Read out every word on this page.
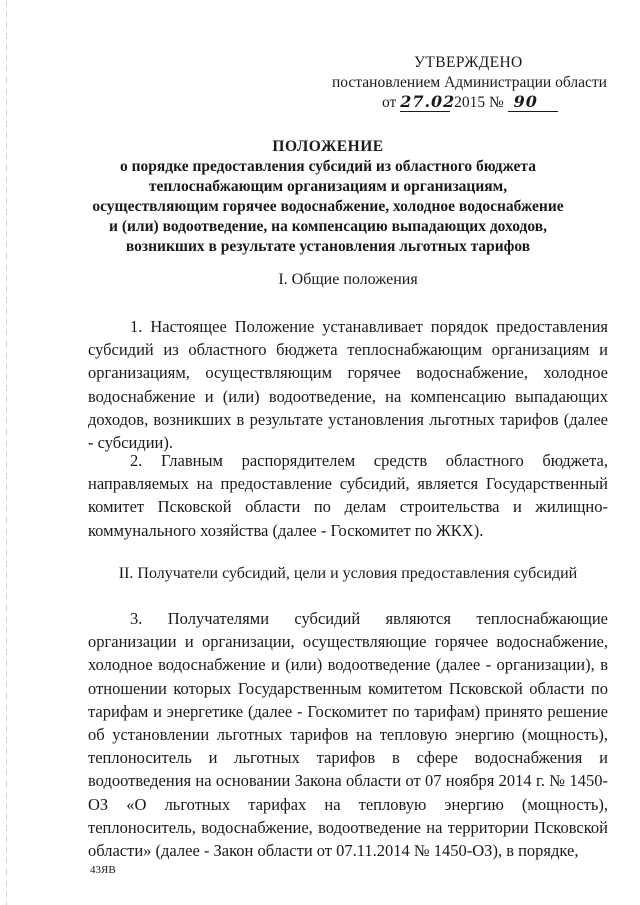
УТВЕРЖДЕНО
постановлением Администрации области
от 27.02 2015 № 90
ПОЛОЖЕНИЕ
о порядке предоставления субсидий из областного бюджета теплоснабжающим организациям и организациям, осуществляющим горячее водоснабжение, холодное водоснабжение и (или) водоотведение, на компенсацию выпадающих доходов, возникших в результате установления льготных тарифов
I. Общие положения
1. Настоящее Положение устанавливает порядок предоставления субсидий из областного бюджета теплоснабжающим организациям и организациям, осуществляющим горячее водоснабжение, холодное водоснабжение и (или) водоотведение, на компенсацию выпадающих доходов, возникших в результате установления льготных тарифов (далее - субсидии).
2. Главным распорядителем средств областного бюджета, направляемых на предоставление субсидий, является Государственный комитет Псковской области по делам строительства и жилищно-коммунального хозяйства (далее - Госкомитет по ЖКХ).
II. Получатели субсидий, цели и условия предоставления субсидий
3. Получателями субсидий являются теплоснабжающие организации и организации, осуществляющие горячее водоснабжение, холодное водоснабжение и (или) водоотведение (далее - организации), в отношении которых Государственным комитетом Псковской области по тарифам и энергетике (далее - Госкомитет по тарифам) принято решение об установлении льготных тарифов на тепловую энергию (мощность), теплоноситель и льготных тарифов в сфере водоснабжения и водоотведения на основании Закона области от 07 ноября 2014 г. № 1450-ОЗ «О льготных тарифах на тепловую энергию (мощность), теплоноситель, водоснабжение, водоотведение на территории Псковской области» (далее - Закон области от 07.11.2014 № 1450-ОЗ), в порядке,
43ЯВ
